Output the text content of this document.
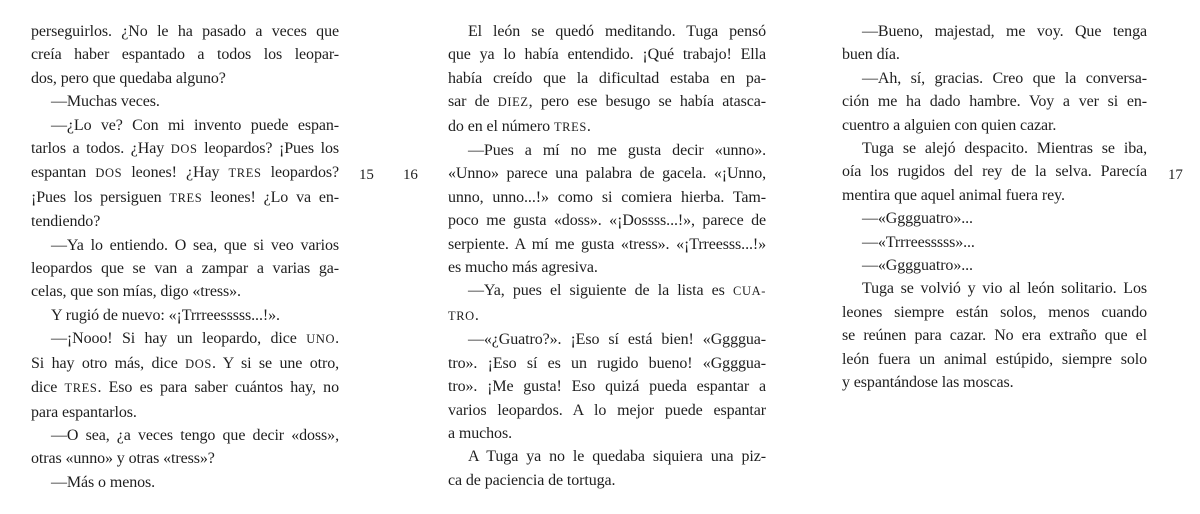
perseguirlos. ¿No le ha pasado a veces que
creía haber espantado a todos los leopar-
dos, pero que quedaba alguno?
—Muchas veces.
—¿Lo ve? Con mi invento puede espan-
tarlos a todos. ¿Hay DOS leopardos? ¡Pues los
espantan DOS leones! ¿Hay TRES leopardos?
¡Pues los persiguen TRES leones! ¿Lo va en-
tendiendo?
—Ya lo entiendo. O sea, que si veo varios
leopardos que se van a zampar a varias ga-
celas, que son mías, digo «tress».
Y rugió de nuevo: «¡Trrreesssss...!».
—¡Nooo! Si hay un leopardo, dice UNO.
Si hay otro más, dice DOS. Y si se une otro,
dice TRES. Eso es para saber cuántos hay, no
para espantarlos.
—O sea, ¿a veces tengo que decir «doss»,
otras «unno» y otras «tress»?
—Más o menos.
El león se quedó meditando. Tuga pensó
que ya lo había entendido. ¡Qué trabajo! Ella
había creído que la dificultad estaba en pa-
sar de DIEZ, pero ese besugo se había atasca-
do en el número TRES.
—Pues a mí no me gusta decir «unno».
«Unno» parece una palabra de gacela. «¡Unno,
unno, unno...!» como si comiera hierba. Tam-
poco me gusta «doss». «¡Dossss...!», parece de
serpiente. A mí me gusta «tress». «¡Trreesss...!»
es mucho más agresiva.
—Ya, pues el siguiente de la lista es CUA-
TRO.
—«¿Guatro?». ¡Eso sí está bien! «Ggggua-
tro». ¡Eso sí es un rugido bueno! «Ggggua-
tro». ¡Me gusta! Eso quizá pueda espantar a
varios leopardos. A lo mejor puede espantar
a muchos.
A Tuga ya no le quedaba siquiera una piz-
ca de paciencia de tortuga.
—Bueno, majestad, me voy. Que tenga
buen día.
—Ah, sí, gracias. Creo que la conversa-
ción me ha dado hambre. Voy a ver si en-
cuentro a alguien con quien cazar.
Tuga se alejó despacito. Mientras se iba,
oía los rugidos del rey de la selva. Parecía
mentira que aquel animal fuera rey.
—«Gggguatro»...
—«Trrreesssss»...
—«Gggguatro»...
Tuga se volvió y vio al león solitario. Los
leones siempre están solos, menos cuando
se reúnen para cazar. No era extraño que el
león fuera un animal estúpido, siempre solo
y espantándose las moscas.
15 16	17
